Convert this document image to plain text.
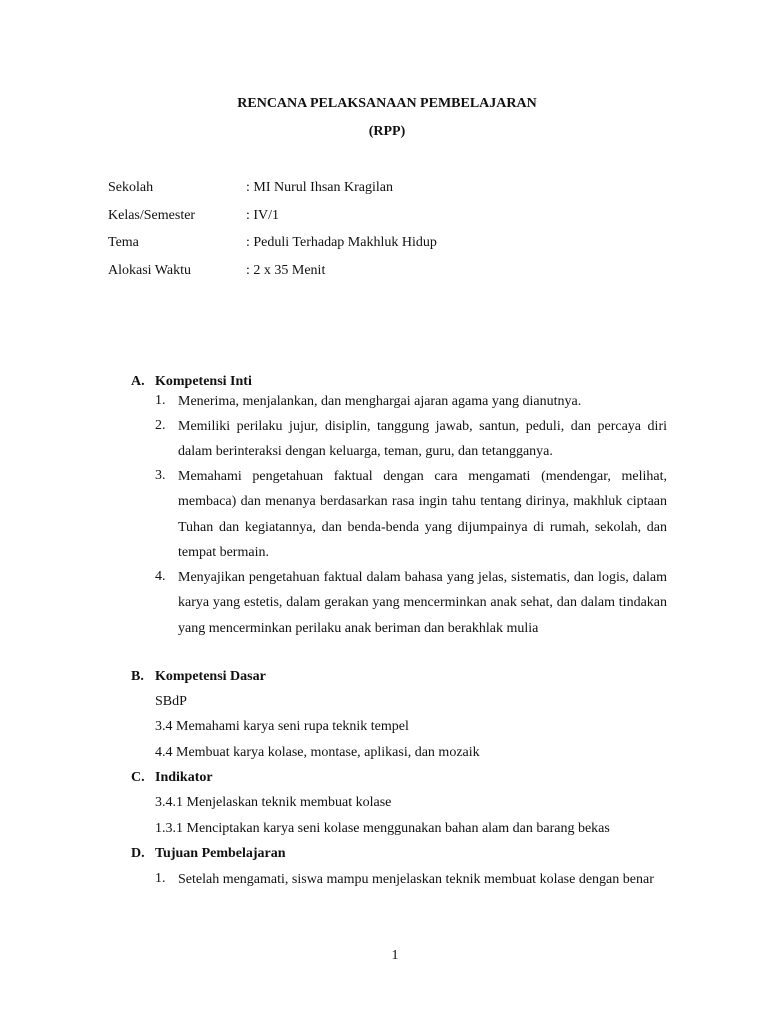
RENCANA PELAKSANAAN PEMBELAJARAN
(RPP)
Sekolah	: MI Nurul Ihsan Kragilan
Kelas/Semester	: IV/1
Tema	: Peduli Terhadap Makhluk Hidup
Alokasi Waktu	: 2 x 35 Menit
A. Kompetensi Inti
1. Menerima, menjalankan, dan menghargai ajaran agama yang dianutnya.
2. Memiliki perilaku jujur, disiplin, tanggung jawab, santun, peduli, dan percaya diri dalam berinteraksi dengan keluarga, teman, guru, dan tetangganya.
3. Memahami pengetahuan faktual dengan cara mengamati (mendengar, melihat, membaca) dan menanya berdasarkan rasa ingin tahu tentang dirinya, makhluk ciptaan Tuhan dan kegiatannya, dan benda-benda yang dijumpainya di rumah, sekolah, dan tempat bermain.
4. Menyajikan pengetahuan faktual dalam bahasa yang jelas, sistematis, dan logis, dalam karya yang estetis, dalam gerakan yang mencerminkan anak sehat, dan dalam tindakan yang mencerminkan perilaku anak beriman dan berakhlak mulia
B. Kompetensi Dasar
SBdP
3.4 Memahami karya seni rupa teknik tempel
4.4 Membuat karya kolase, montase, aplikasi, dan mozaik
C. Indikator
3.4.1 Menjelaskan teknik membuat kolase
1.3.1 Menciptakan karya seni kolase menggunakan bahan alam dan barang bekas
D. Tujuan Pembelajaran
1. Setelah mengamati, siswa mampu menjelaskan teknik membuat kolase dengan benar
1
